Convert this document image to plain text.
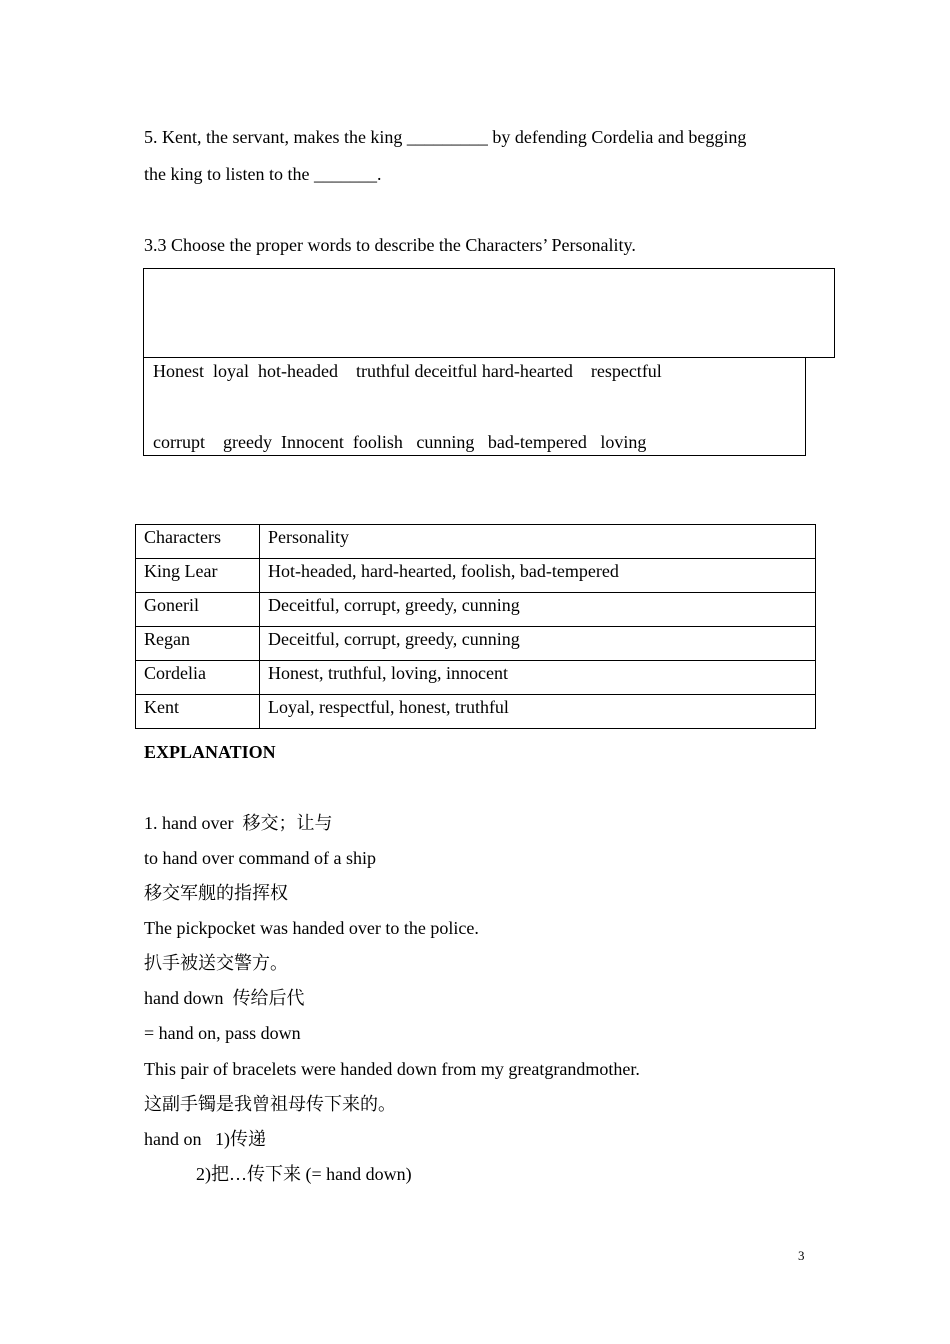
5. Kent, the servant, makes the king _________ by defending Cordelia and begging
the king to listen to the _______.
3.3 Choose the proper words to describe the Characters’ Personality.
Honest  loyal  hot-headed    truthful deceitful hard-hearted    respectful
corrupt    greedy  Innocent  foolish   cunning   bad-tempered   loving
Characters	Personality
King Lear	Hot-headed, hard-hearted, foolish, bad-tempered
Goneril	Deceitful, corrupt, greedy, cunning
Regan	Deceitful, corrupt, greedy, cunning
Cordelia	Honest, truthful, loving, innocent
Kent	Loyal, respectful, honest, truthful
EXPLANATION
1. hand over  移交；让与
to hand over command of a ship
移交军舰的指挥权
The pickpocket was handed over to the police.
扒手被送交警方。
hand down  传给后代
= hand on, pass down
This pair of bracelets were handed down from my greatgrandmother.
这副手镯是我曾祖母传下来的。
hand on   1)传递
2)把…传下来 (= hand down)
3
